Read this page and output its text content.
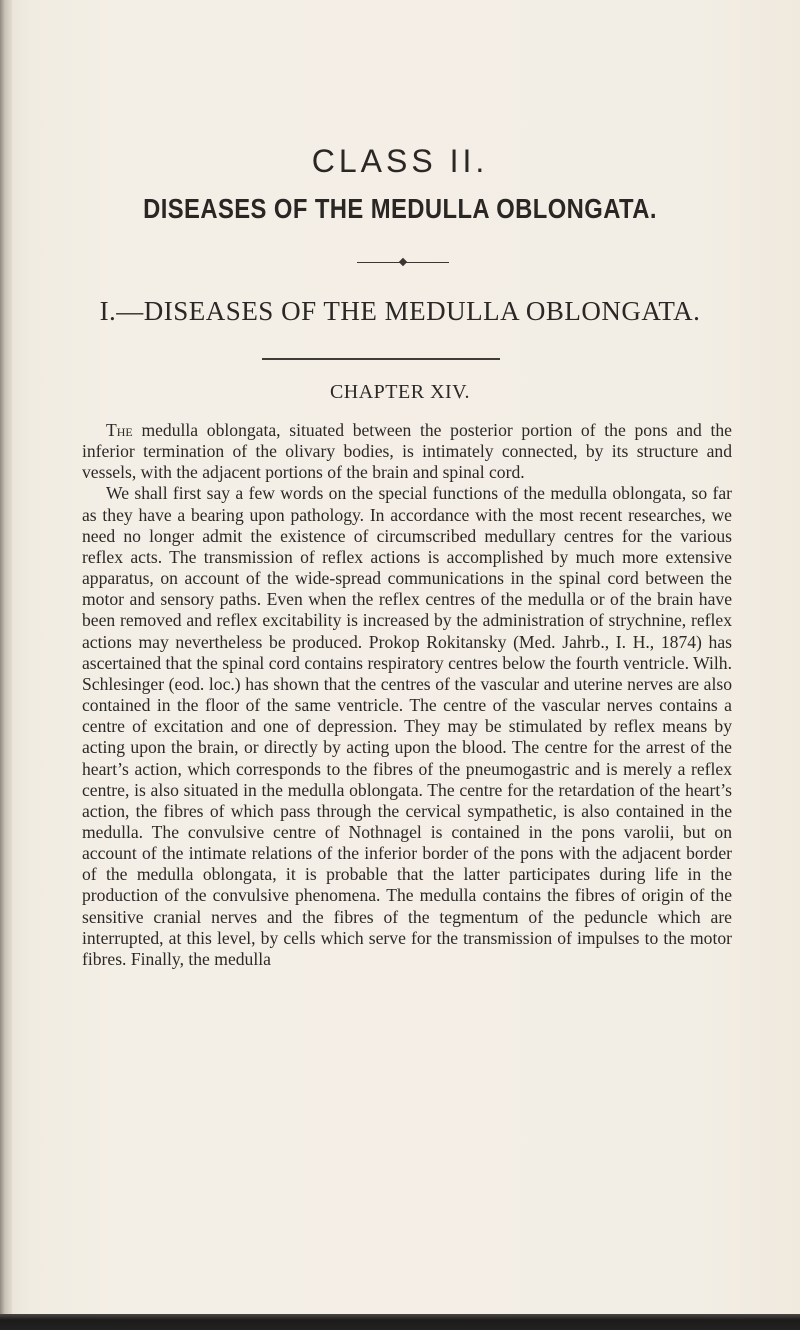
CLASS II.
DISEASES OF THE MEDULLA OBLONGATA.
I.—DISEASES OF THE MEDULLA OBLONGATA.
CHAPTER XIV.

The medulla oblongata, situated between the posterior portion of the pons and the inferior termination of the olivary bodies, is intimately connected, by its structure and vessels, with the adjacent portions of the brain and spinal cord.

We shall first say a few words on the special functions of the medulla oblongata, so far as they have a bearing upon pathology. In accordance with the most recent researches, we need no longer admit the existence of circumscribed medullary centres for the various reflex acts. The transmission of reflex actions is accomplished by much more extensive apparatus, on account of the wide-spread communications in the spinal cord between the motor and sensory paths. Even when the reflex centres of the medulla or of the brain have been removed and reflex excitability is increased by the administration of strychnine, reflex actions may nevertheless be produced. Prokop Rokitansky (Med. Jahrb., I. H., 1874) has ascertained that the spinal cord contains respiratory centres below the fourth ventricle. Wilh. Schlesinger (eod. loc.) has shown that the centres of the vascular and uterine nerves are also contained in the floor of the same ventricle. The centre of the vascular nerves contains a centre of excitation and one of depression. They may be stimulated by reflex means by acting upon the brain, or directly by acting upon the blood. The centre for the arrest of the heart’s action, which corresponds to the fibres of the pneumogastric and is merely a reflex centre, is also situated in the medulla oblongata. The centre for the retardation of the heart’s action, the fibres of which pass through the cervical sympathetic, is also contained in the medulla. The convulsive centre of Nothnagel is contained in the pons varolii, but on account of the intimate relations of the inferior border of the pons with the adjacent border of the medulla oblongata, it is probable that the latter participates during life in the production of the convulsive phenomena. The medulla contains the fibres of origin of the sensitive cranial nerves and the fibres of the tegmentum of the peduncle which are interrupted, at this level, by cells which serve for the transmission of impulses to the motor fibres. Finally, the medulla
